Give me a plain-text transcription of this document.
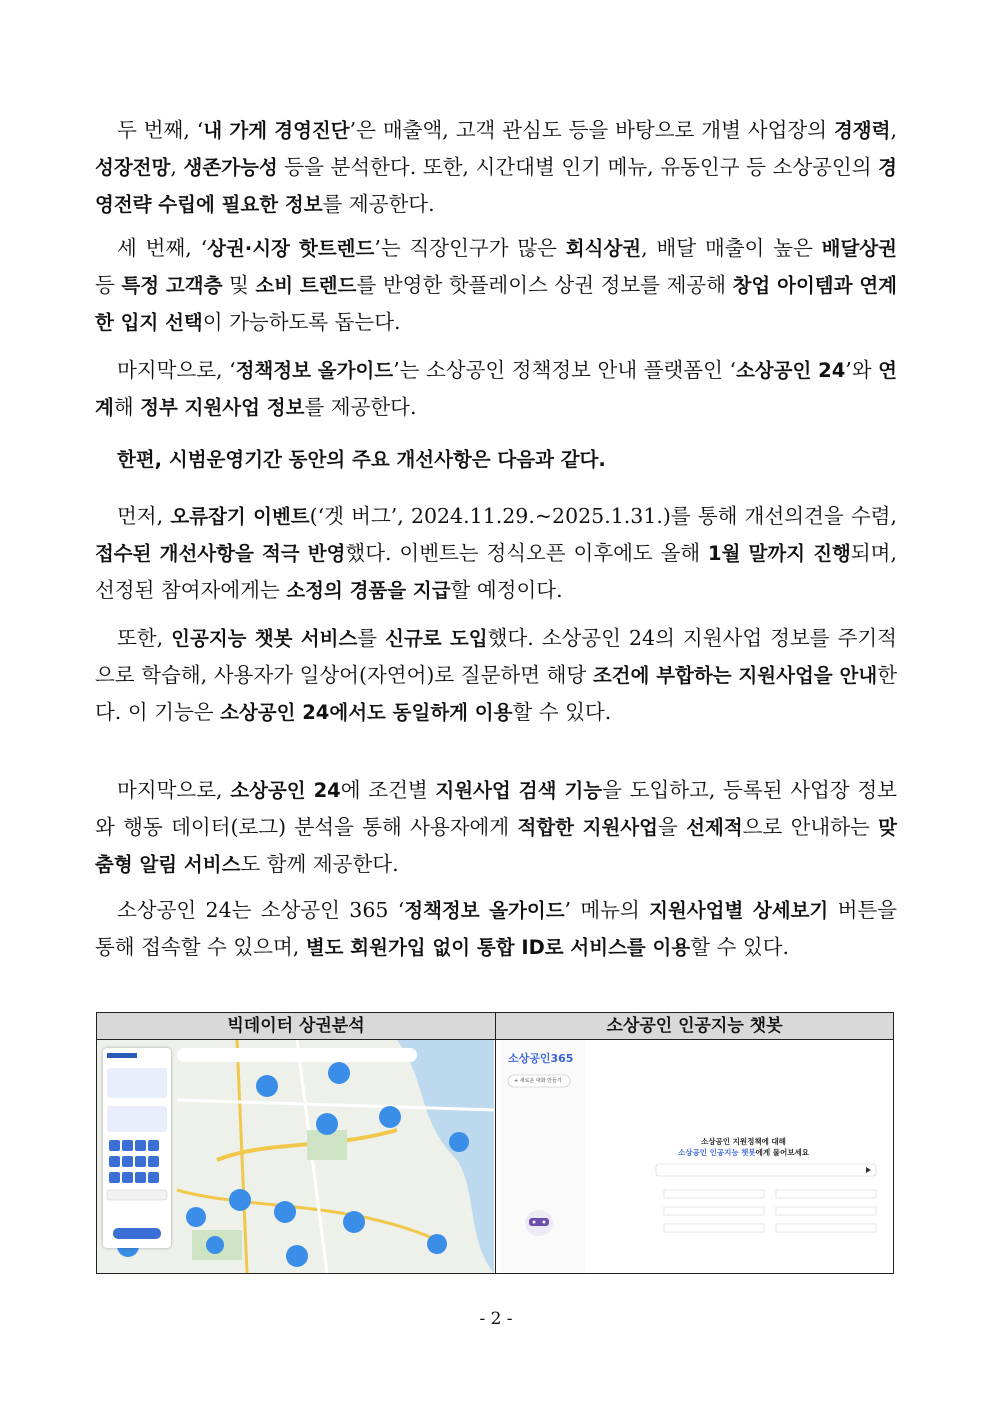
두 번째, ‘내 가게 경영진단’은 매출액, 고객 관심도 등을 바탕으로 개별 사업장의 경쟁력, 성장전망, 생존가능성 등을 분석한다. 또한, 시간대별 인기 메뉴, 유동인구 등 소상공인의 경영전략 수립에 필요한 정보를 제공한다.
세 번째, ‘상권·시장 핫트렌드’는 직장인구가 많은 회식상권, 배달 매출이 높은 배달상권 등 특정 고객층 및 소비 트렌드를 반영한 핫플레이스 상권 정보를 제공해 창업 아이템과 연계한 입지 선택이 가능하도록 돕는다.
마지막으로, ‘정책정보 올가이드’는 소상공인 정책정보 안내 플랫폼인 ‘소상공인 24’와 연계해 정부 지원사업 정보를 제공한다.
한편, 시범운영기간 동안의 주요 개선사항은 다음과 같다.
먼저, 오류잡기 이벤트(‘겟 버그’, 2024.11.29.~2025.1.31.)를 통해 개선의견을 수렴, 접수된 개선사항을 적극 반영했다. 이벤트는 정식오픈 이후에도 올해 1월 말까지 진행되며, 선정된 참여자에게는 소정의 경품을 지급할 예정이다.
또한, 인공지능 챗봇 서비스를 신규로 도입했다. 소상공인 24의 지원사업 정보를 주기적으로 학습해, 사용자가 일상어(자연어)로 질문하면 해당 조건에 부합하는 지원사업을 안내한다. 이 기능은 소상공인 24에서도 동일하게 이용할 수 있다.
마지막으로, 소상공인 24에 조건별 지원사업 검색 기능을 도입하고, 등록된 사업장 정보와 행동 데이터(로그) 분석을 통해 사용자에게 적합한 지원사업을 선제적으로 안내하는 맞춤형 알림 서비스도 함께 제공한다.
소상공인 24는 소상공인 365 ‘정책정보 올가이드’ 메뉴의 지원사업별 상세보기 버튼을 통해 접속할 수 있으며, 별도 회원가입 없이 통합 ID로 서비스를 이용할 수 있다.
빅데이터 상권분석	소상공인 인공지능 챗봇
소상공인365
+ 새로운 대화 만들기
소상공인 지원정책에 대해
소상공인 인공지능 챗봇에게 물어보세요
- 2 -
